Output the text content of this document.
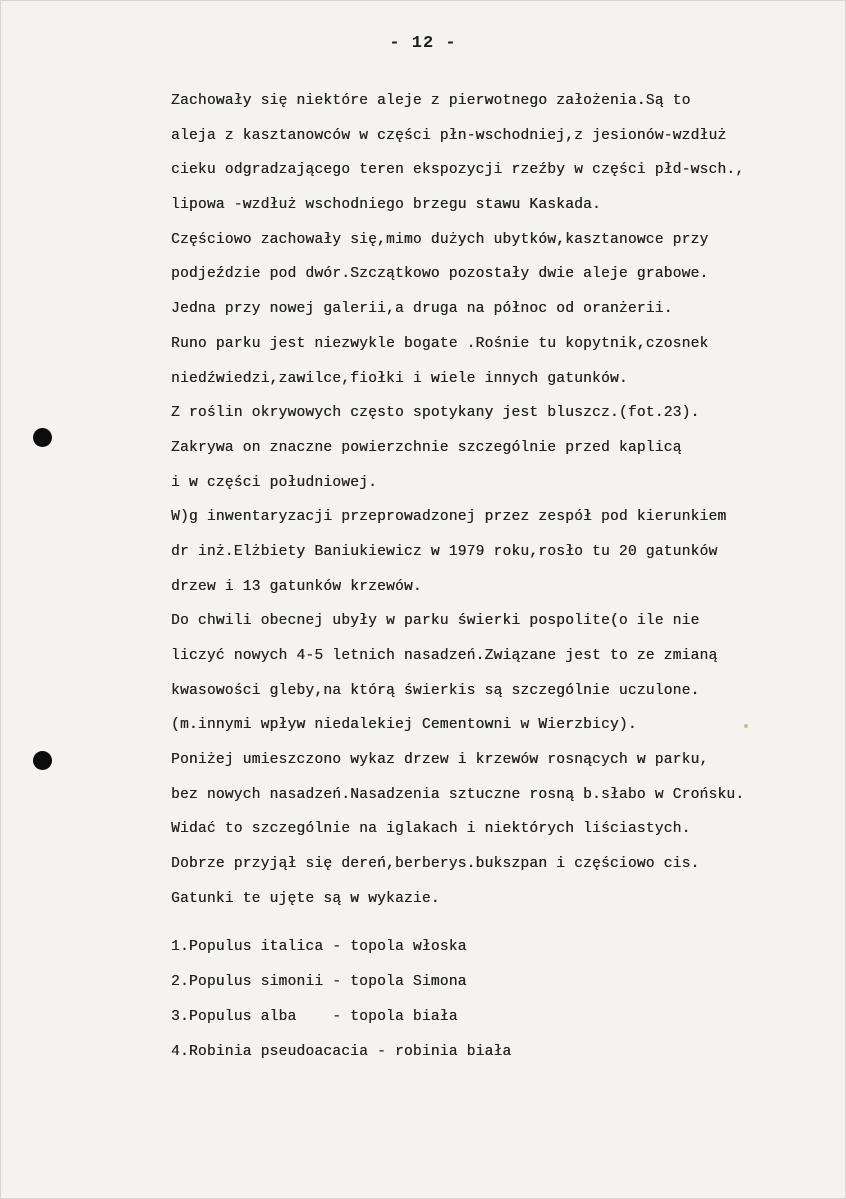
- 12 -
Zachowały się niektóre aleje z pierwotnego założenia.Są to
aleja z kasztanowców w części płn-wschodniej,z jesionów-wzdłuż
cieku odgradzającego teren ekspozycji rzeźby w części płd-wsch.,
lipowa -wzdłuż wschodniego brzegu stawu Kaskada.
Częściowo zachowały się,mimo dużych ubytków,kasztanowce przy
podjeździe pod dwór.Szczątkowo pozostały dwie aleje grabowe.
Jedna przy nowej galerii,a druga na północ od oranżerii.
Runo parku jest niezwykle bogate .Rośnie tu kopytnik,czosnek
niedźwiedzi,zawilce,fiołki i wiele innych gatunków.
Z roślin okrywowych często spotykany jest bluszcz.(fot.23).
Zakrywa on znaczne powierzchnie szczególnie przed kaplicą
i w części południowej.
W)g inwentaryzacji przeprowadzonej przez zespół pod kierunkiem
dr inż.Elżbiety Baniukiewicz w 1979 roku,rosło tu 20 gatunków
drzew i 13 gatunków krzewów.
Do chwili obecnej ubyły w parku świerki pospolite(o ile nie
liczyć nowych 4-5 letnich nasadzeń.Związane jest to ze zmianą
kwasowości gleby,na którą świerkis są szczególnie uczulone.
(m.innymi wpływ niedalekiej Cementowni w Wierzbicy).
Poniżej umieszczono wykaz drzew i krzewów rosnących w parku,
bez nowych nasadzeń.Nasadzenia sztuczne rosną b.słabo w Crońsku.
Widać to szczególnie na iglakach i niektórych liściastych.
Dobrze przyjął się dereń,berberys.bukszpan i częściowo cis.
Gatunki te ujęte są w wykazie.
1.Populus italica - topola włoska
2.Populus simonii - topola Simona
3.Populus alba    - topola biała
4.Robinia pseudoacacia - robinia biała
